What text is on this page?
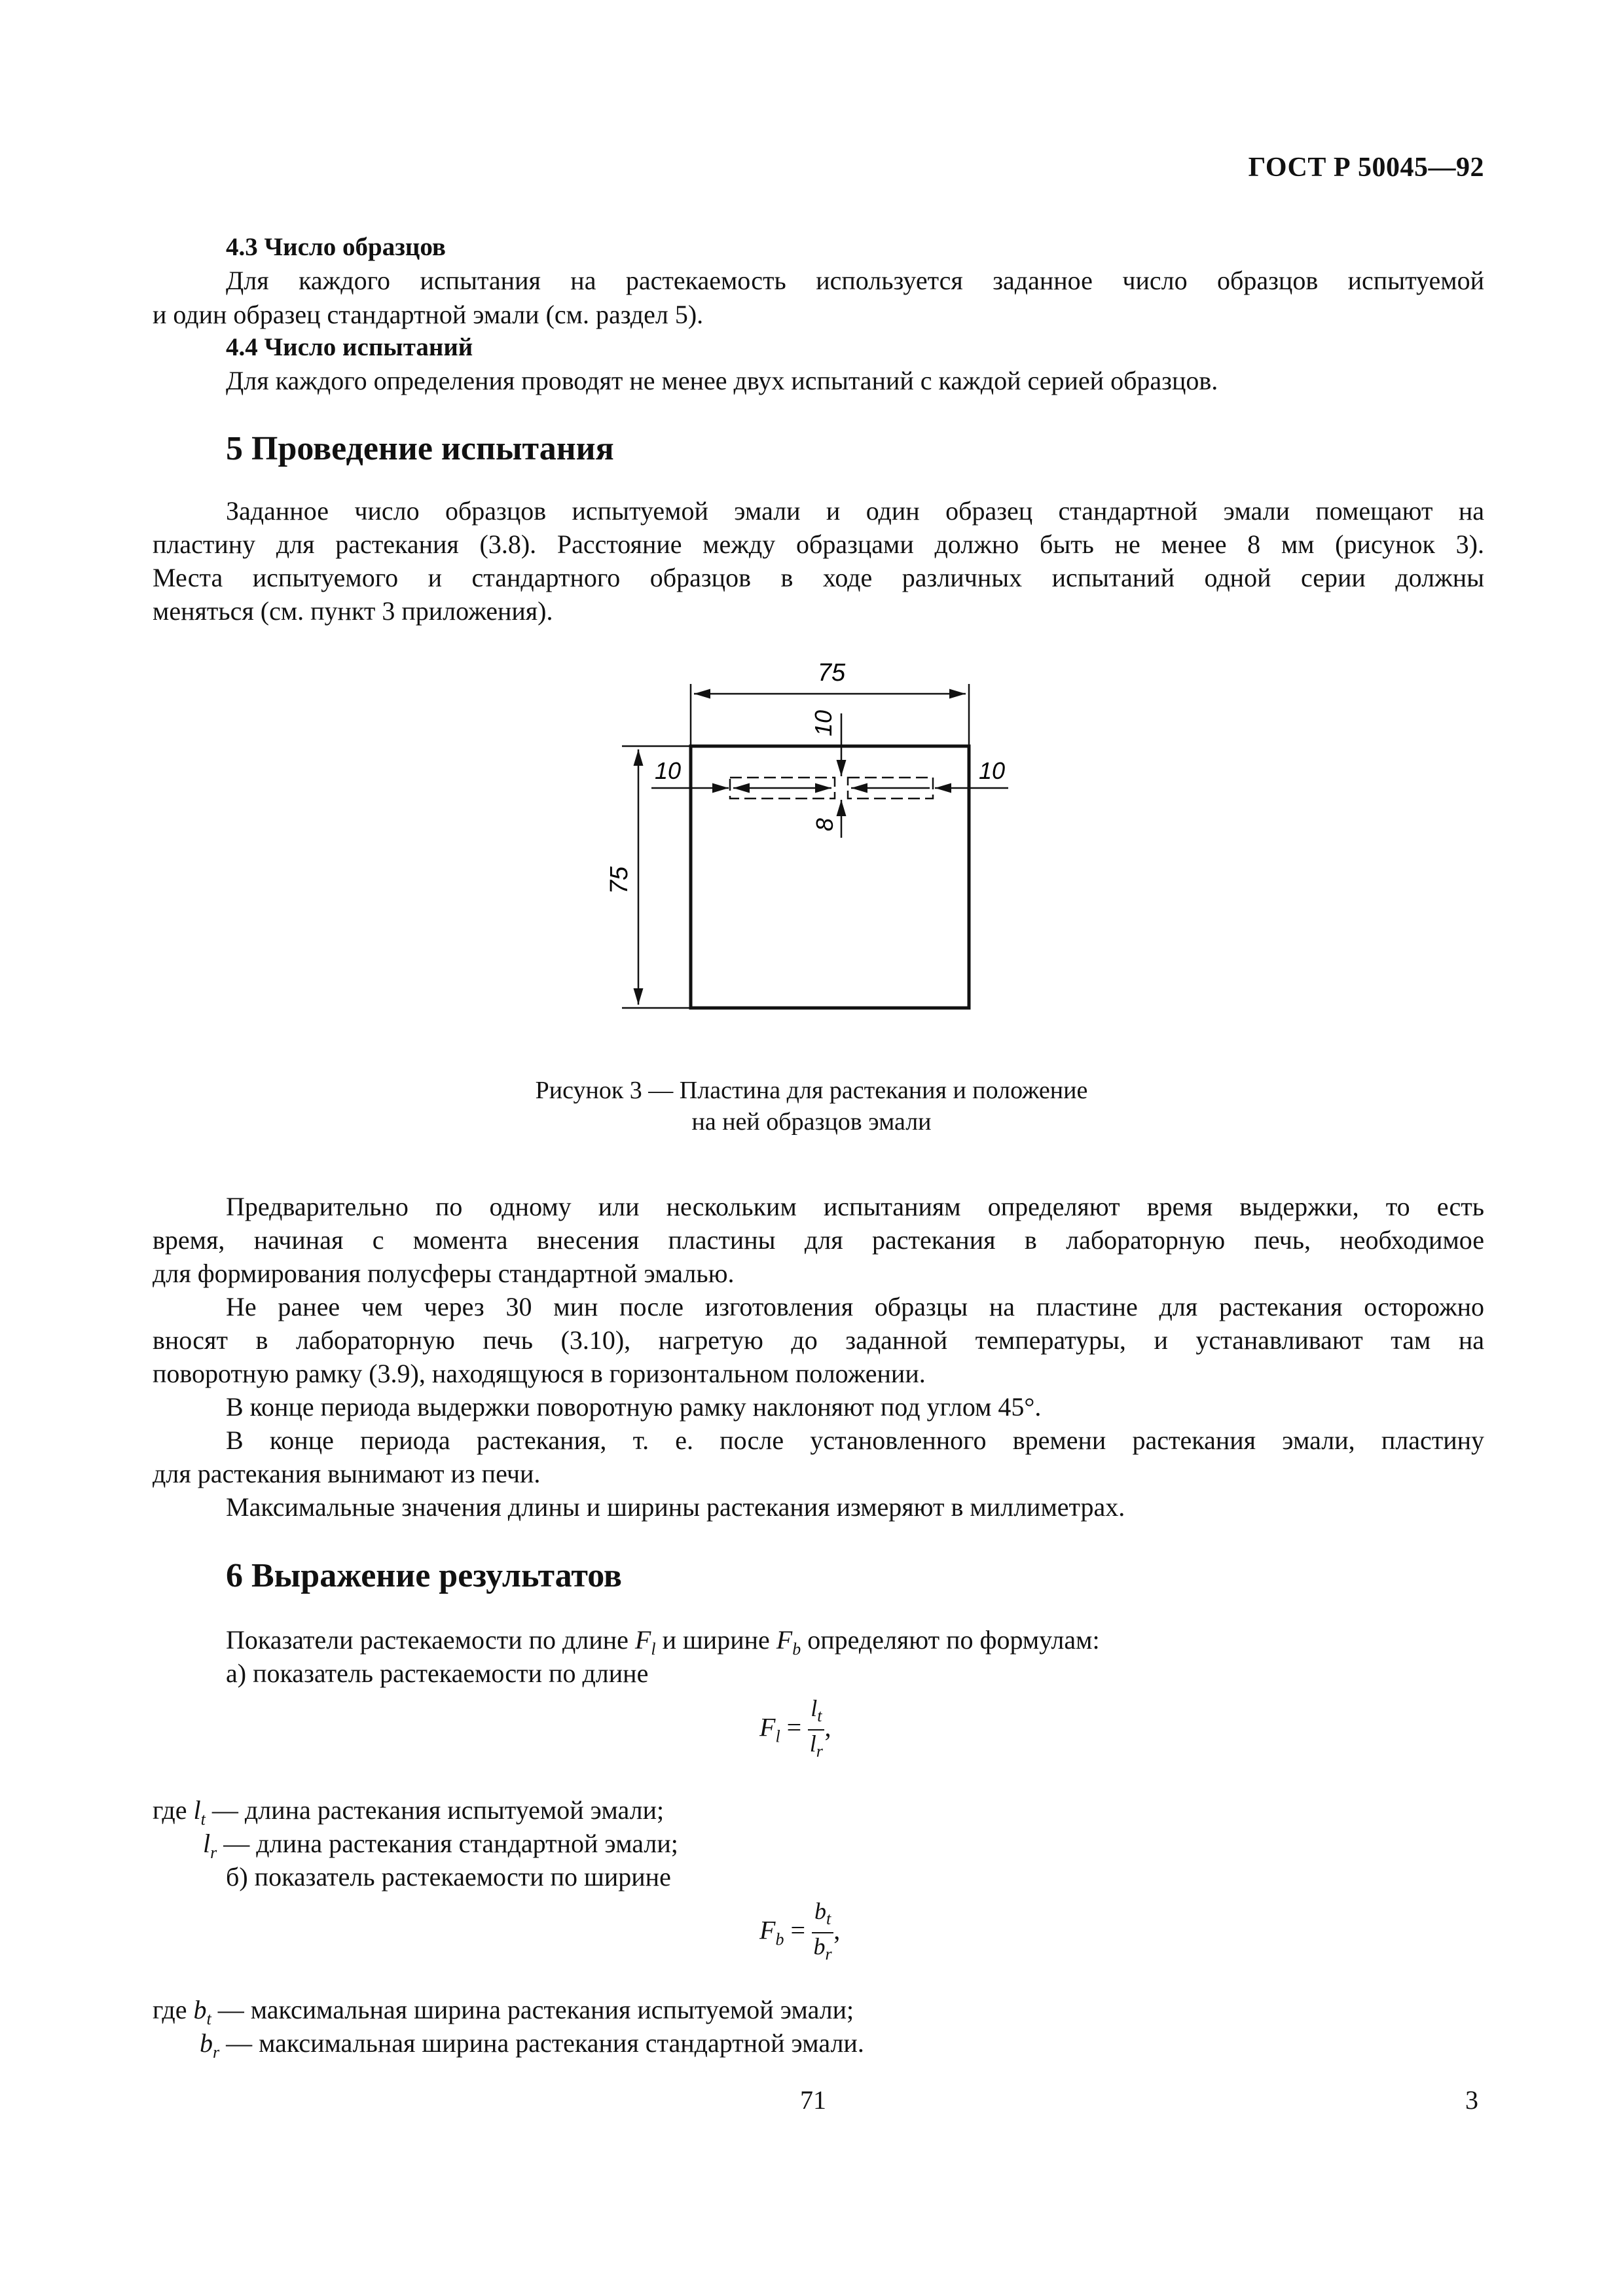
ГОСТ Р 50045—92
4.3 Число образцов
Для каждого испытания на растекаемость используется заданное число образцов испытуемой
и один образец стандартной эмали (см. раздел 5).
4.4 Число испытаний
Для каждого определения проводят не менее двух испытаний с каждой серией образцов.
5 Проведение испытания
Заданное число образцов испытуемой эмали и один образец стандартной эмали помещают на
пластину для растекания (3.8). Расстояние между образцами должно быть не менее 8 мм (рисунок 3).
Места испытуемого и стандартного образцов в ходе различных испытаний одной серии должны
меняться (см. пункт 3 приложения).
75
75
10
8
10	10
Рисунок 3 — Пластина для растекания и положение
на ней образцов эмали
Предварительно по одному или нескольким испытаниям определяют время выдержки, то есть
время, начиная с момента внесения пластины для растекания в лабораторную печь, необходимое
для формирования полусферы стандартной эмалью.
Не ранее чем через 30 мин после изготовления образцы на пластине для растекания осторожно
вносят в лабораторную печь (3.10), нагретую до заданной температуры, и устанавливают там на
поворотную рамку (3.9), находящуюся в горизонтальном положении.
В конце периода выдержки поворотную рамку наклоняют под углом 45°.
В конце периода растекания, т. е. после установленного времени растекания эмали, пластину
для растекания вынимают из печи.
Максимальные значения длины и ширины растекания измеряют в миллиметрах.
6 Выражение результатов
Показатели растекаемости по длине $F_l$ и ширине $F_b$ определяют по формулам:
а) показатель растекаемости по длине
$F_l = \frac{l_t}{l_r}$ ,
где $l_t$ — длина растекания испытуемой эмали;
$l_r$ — длина растекания стандартной эмали;
б) показатель растекаемости по ширине
$F_b = \frac{b_t}{b_r}$ ,
где $b_t$ — максимальная ширина растекания испытуемой эмали;
$b_r$ — максимальная ширина растекания стандартной эмали.
71	3
